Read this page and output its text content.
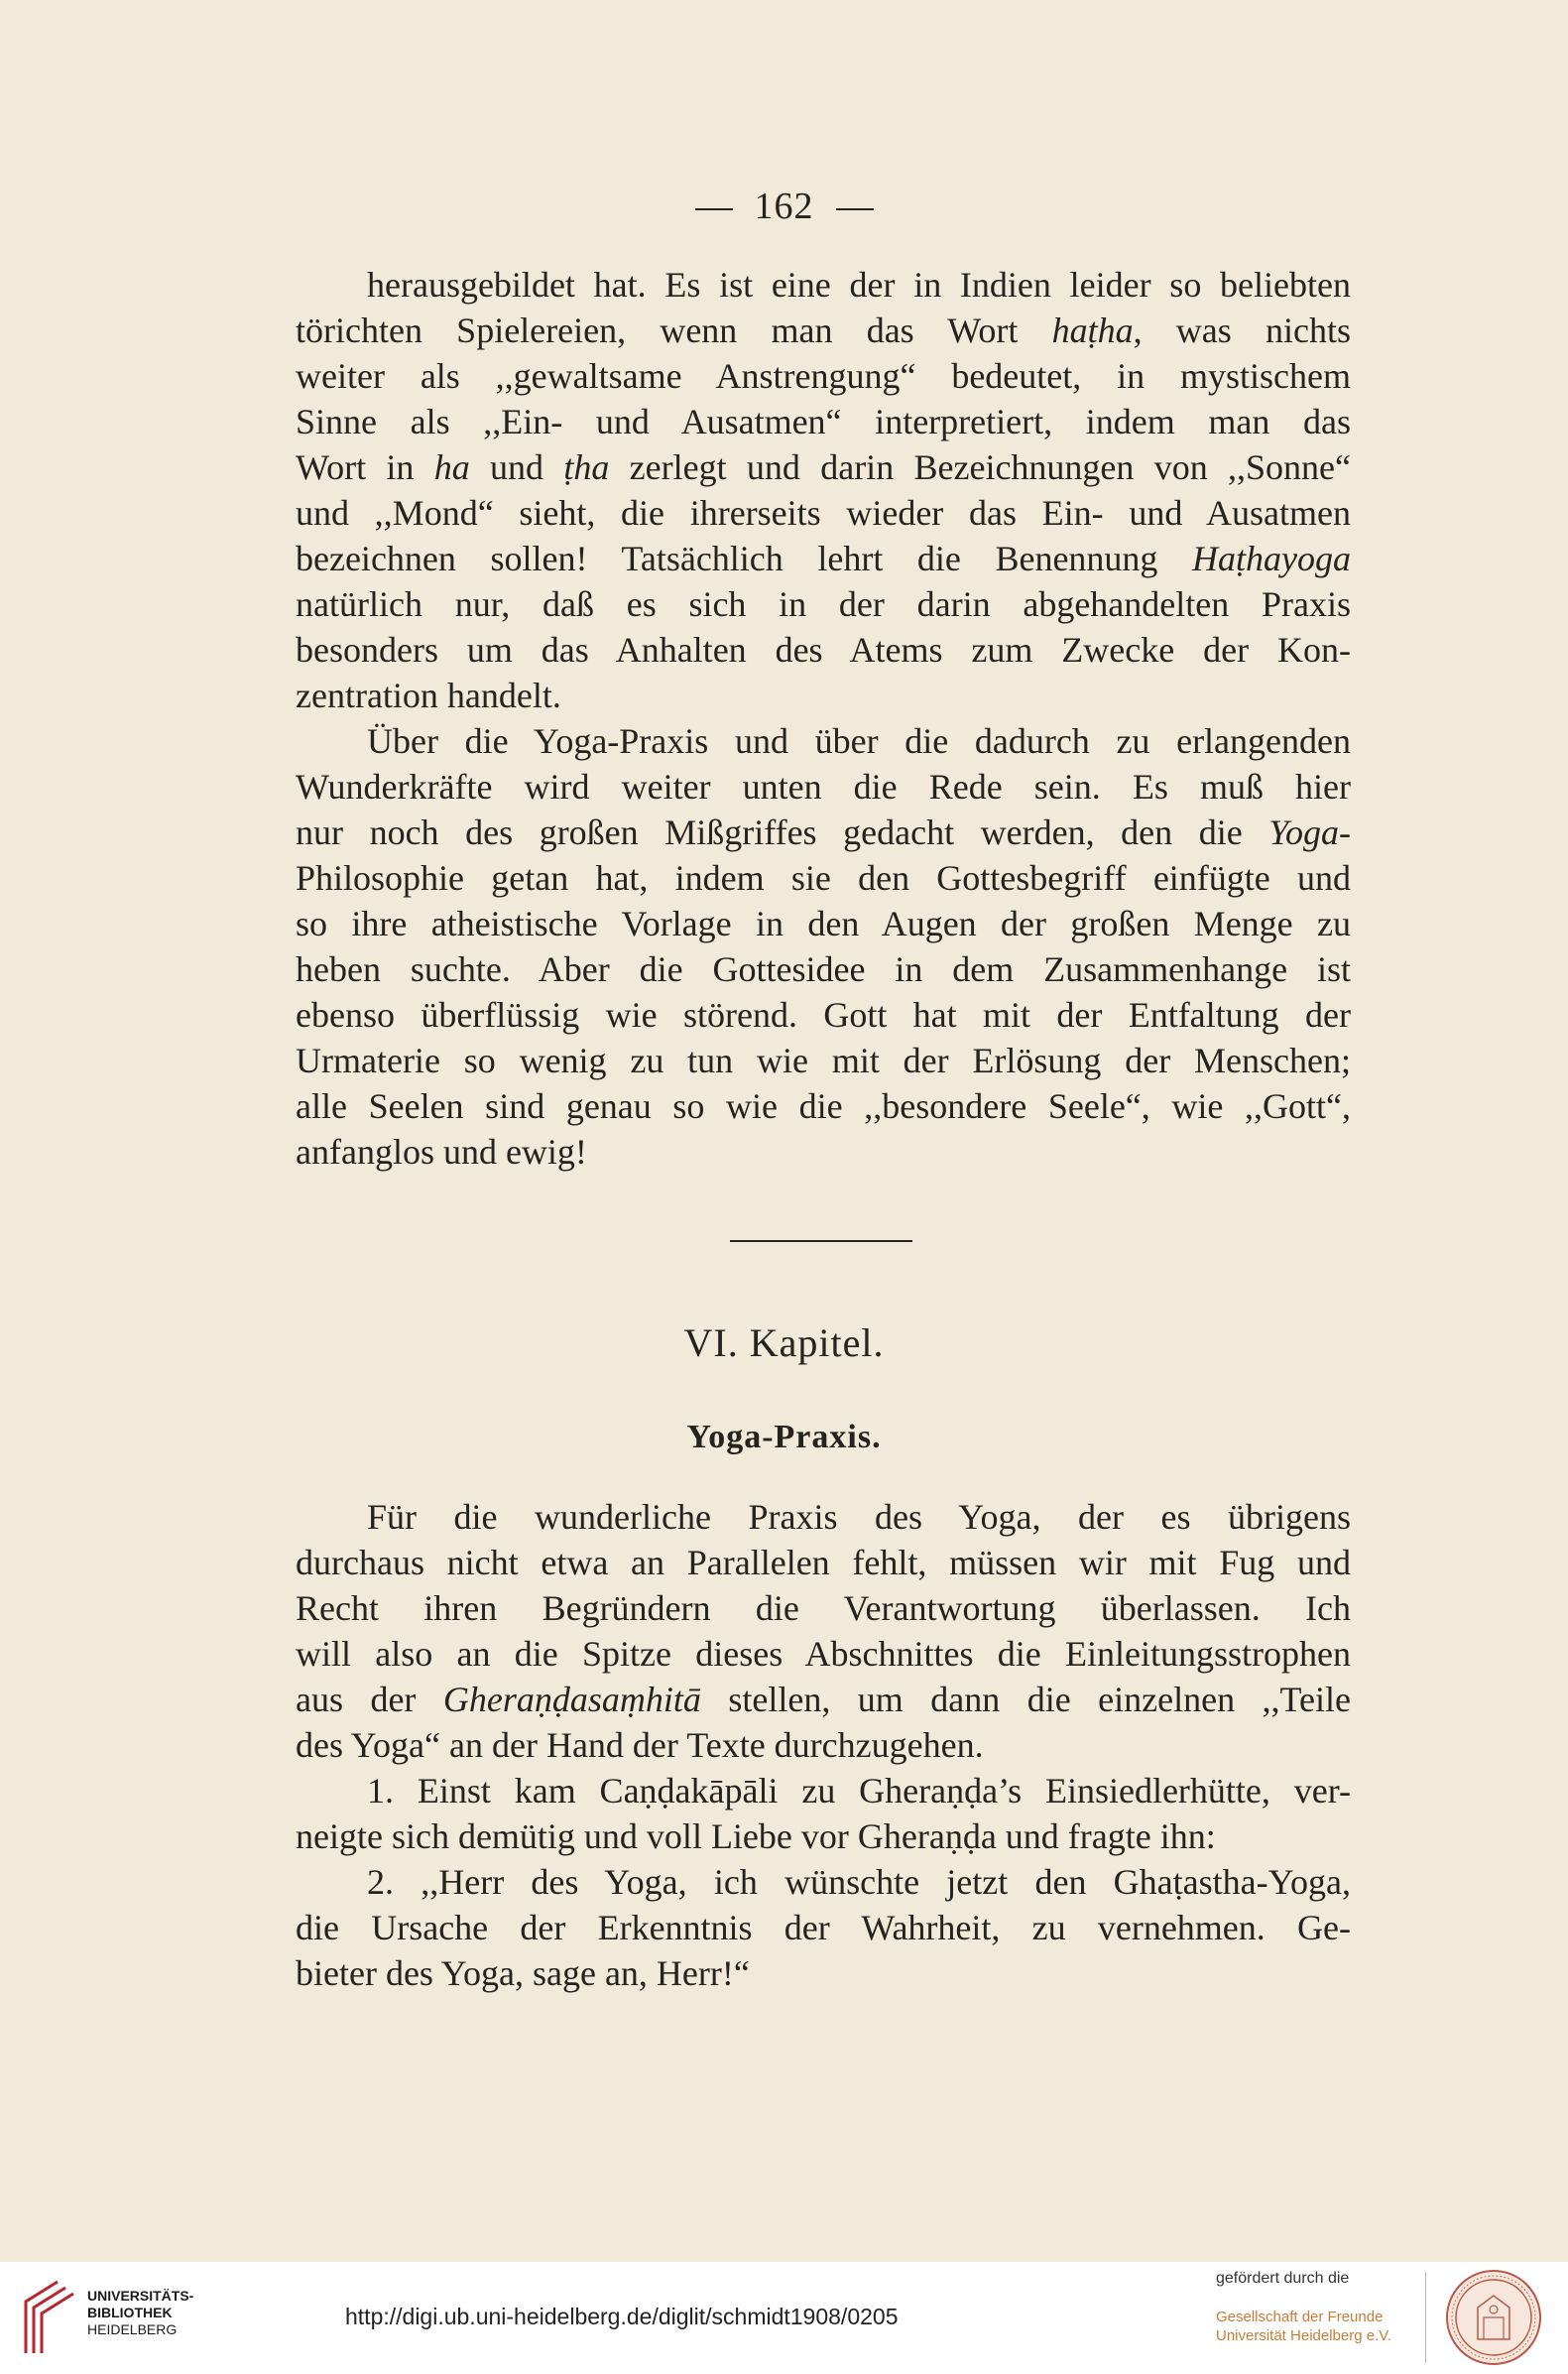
162
herausgebildet hat. Es ist eine der in Indien leider so beliebten
törichten Spielereien, wenn man das Wort haṭha, was nichts
weiter als ,,gewaltsame Anstrengung“ bedeutet, in mystischem
Sinne als ,,Ein- und Ausatmen“ interpretiert, indem man das
Wort in ha und ṭha zerlegt und darin Bezeichnungen von ,,Sonne“
und ,,Mond“ sieht, die ihrerseits wieder das Ein- und Ausatmen
bezeichnen sollen! Tatsächlich lehrt die Benennung Haṭhayoga
natürlich nur, daß es sich in der darin abgehandelten Praxis
besonders um das Anhalten des Atems zum Zwecke der Kon-
zentration handelt.
Über die Yoga-Praxis und über die dadurch zu erlangenden
Wunderkräfte wird weiter unten die Rede sein. Es muß hier
nur noch des großen Mißgriffes gedacht werden, den die Yoga-
Philosophie getan hat, indem sie den Gottesbegriff einfügte und
so ihre atheistische Vorlage in den Augen der großen Menge zu
heben suchte. Aber die Gottesidee in dem Zusammenhange ist
ebenso überflüssig wie störend. Gott hat mit der Entfaltung der
Urmaterie so wenig zu tun wie mit der Erlösung der Menschen;
alle Seelen sind genau so wie die ,,besondere Seele“, wie ,,Gott“,
anfanglos und ewig!
VI. Kapitel.
Yoga-Praxis.
Für die wunderliche Praxis des Yoga, der es übrigens
durchaus nicht etwa an Parallelen fehlt, müssen wir mit Fug und
Recht ihren Begründern die Verantwortung überlassen. Ich
will also an die Spitze dieses Abschnittes die Einleitungsstrophen
aus der Gheraṇḍasaṃhitā stellen, um dann die einzelnen ,,Teile
des Yoga“ an der Hand der Texte durchzugehen.
1. Einst kam Caṇḍakāpāli zu Gheraṇḍa’s Einsiedlerhütte, ver-
neigte sich demütig und voll Liebe vor Gheraṇḍa und fragte ihn:
2. ,,Herr des Yoga, ich wünschte jetzt den Ghaṭastha-Yoga,
die Ursache der Erkenntnis der Wahrheit, zu vernehmen. Ge-
bieter des Yoga, sage an, Herr!“
UNIVERSITÄTS-
BIBLIOTHEK
HEIDELBERG	http://digi.ub.uni-heidelberg.de/diglit/schmidt1908/0205
gefördert durch die
Gesellschaft der Freunde
Universität Heidelberg e.V.
